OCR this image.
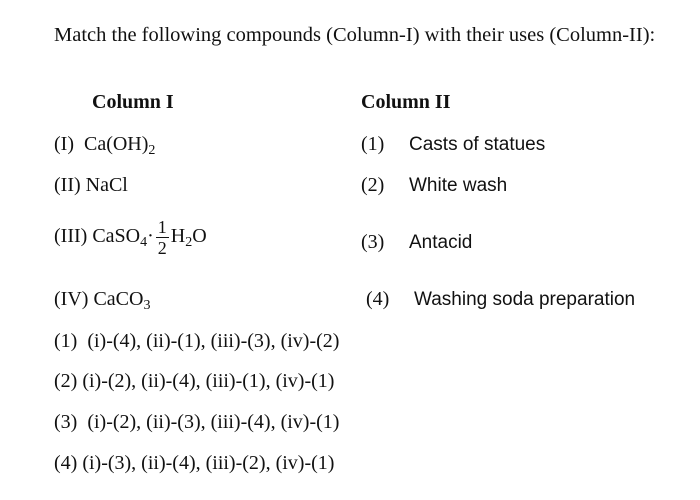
Match the following compounds (Column-I) with their uses (Column-II):
Column I	Column II
(I) $Ca(OH)_2$
(II) NaCl
(III) CaSO$_4$· $\frac{1}{2} H_2O$
(IV) CaCO$_3$
(1) Casts of statues
(2) White wash
(3) Antacid
(4) Washing soda preparation
(1) (i)-(4), (ii)-(1), (iii)-(3), (iv)-(2)
(2) (i)-(2), (ii)-(4), (iii)-(1), (iv)-(1)
(3) (i)-(2), (ii)-(3), (iii)-(4), (iv)-(1)
(4) (i)-(3), (ii)-(4), (iii)-(2), (iv)-(1)
